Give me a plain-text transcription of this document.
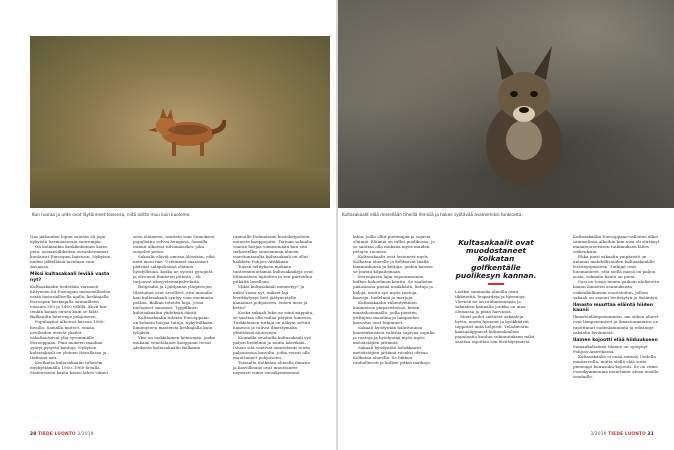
Kun ruoraa ja urde ovat läytänneet toisensa, niitä aistto muu kuin kuoleme.	Kultasakaalit elää mielellään tiheillä ihmisiä ja hakee syötävää asamerkiksi tunkioista.

Ons jäikauden lopun suuista oli jopa nykyistä harmaasuosia suurempia.

Oli kolmankin keskikokoinen koirapeto: aasianvilliksitan euvaaheemmat kuulaivat Euroopan lajistoon. Nykyisin niiden jälkeläisiä tavataan vain Aasiassa.

Miksi kultasakaali leviää vasta nyt?

Kultasakaalin tiedetään varmasti liittyneen itä-Euroopan maisemillaolen vasta historiallisella ajalla, keskiajalla Euroopan keskiajalla suunnilleen vuosien 300 ja 1400 välillä. Kesti kuitenkin kauan ennen kuin se lähti Balkanilta laterenya pohjoiseen.

Populaatiot alkoivat kasvaa 1960-luvulla. Samalla mutect, ennaa nevileiden etsivät yksilöt uskaltautuivat yhä syvemmälle Eurooppaan. Pian moneen maahan syntyi pysyviä kantoja. Nykyisin kultasakaali on yleinen Itävallassa ja Italiassa asti.

Kestkatta kultasakaalin tuhotöm myrkyttämällä 1950–1960-luvulla. Manteeseen kanta hävisi lähes viimei

seen eläimeen, saarista vain Samoksen populaatio selvisi hengissä. Saasilla toinnit alkoivat tulvanaiseksi, joka suojelee petoa.

Sakaalit elävät omissa ölössään, eikä niitä mooi nae. Useimmat saaeiaiset pääväät salapelisissä eläimiä hyödyllisinä, koska ne syövät jyrsijöitä ja elvouvat ihmisten jätteitä – eli tarjoavat ekosysteemipalveluita.

Belgradin ja Ljubljanan yliopistojen tilastoitaa ovat arvelleet, että muualla kun kultasakaali syntyy vain enemmän pelkoa. Balkan toteutti kuja, jossa biologiset sanomat: Tyypillinen kulutsakaaliin yhdeksän ääntä.

Kultasakaalin tulonta Eurooppaan on kokeitu hurjaa tutuja, nykyttälkään liimenyteen masteista keskiajalla kuin tyhjästä.

Yksi on tarkkilainen kentomaa, jonka mukaan venetalaiset kauppiaat toivat Afrikasta kultasakaalin Balkanin

rannoille Dalmatiaan kostokeipoleenmitaista kauppojoita. Tarinan sakaalin vaaraa hurjaa viimeisinään kun sitä tarkastellee suuremman alueen suurituntasolta kultasakaali on ollut kaikkien Pohjois-Afrikkaan.

Toisen selityksen mukaan tunteenmuuttamia kultasakaaleja ovat liitännäisen lajitolten ja sen piirteiden pitkältä lavallaan.

Miksi kultasakaali menestyy? Ja miksi vasta nyt, mikset laji levittäytynyt heti jäätyneytylle kanannat pohjoiseen, ennen meis ja kettu?

Koska sakaali luku on siinä näppäin, se saattaa olla vailaa pärjätä lumessa. Turkkilainen tutkija on näkyni selvää lumessa ja tulivat ilmestymään yksittäisiä alueeseen.

Kuumilla seuduilla kultasakaali syö paljon hedelmiä ja muita kasviksia. Istuaa sitä vaativat sinnettävät toista paljontaisia kasvilta, jotka voivat olla muuttuneet pohjoiseen.

Toisaalta Kolkatan alueella ilmasto ja kasvillisuus ovat muuttuneet nopeasti viime vuosikymmeninä.

lahia, joilla ollut pienempiä ja sopivia eläimiä. Eläimiä on tullut puolikossa, ja se saattaa olla mukana myös muiden petojen ruoassa.

Kultasakaalit ovat levinneet myös Kolkatan alueelle ja kohtaavat täällä lammaskoiria ja kettuja, joiden kanssa se joutuu kilpailemaan.

Euroopassa lajin sopeutuminen kulkee kokoelman kautta. Se saalistaa pääasiassa pieniä nisäkkäitä, lintuja ja kaloja, mutta syö myös raatoja, kasveja, hedelmiä ja marjoja.

Kultasakaalin vähentyminen kuumeissa ympäristöissä, kuten maatalousmailla, joilla pienten yrittäjien maailma ja lampaiden kasvatus ovat hiipuneet.

Sakaali hyödyntää haluttuunsa koirasukuisista valittua sopivaa sopulia ja raatoja ja hyödyntää myös myös metsästäjien jättämiä.

Sakaali hyödyntää halukkaasti metsästäjien jättämä ruoaksi olevaa Kolkatan alueella. Se liikkuu rauhallisesti ja kulkee pitkiä matkoja.

Kultasakaalit ovat muodostaneet Kolkatan golfkentälle puolikesyn kannan.

Lisäksi sammalia alueilla asuu tikkereitä, leopardeja ja hyeenoja. Yleensä ne on rauhanomaisia ja sakaalien kannalta joukko on aina olemassa ja pitää harvassa.

Muut pedot siirtävät sakaaleja hyvin, mutta hyeenat ja hyökkäävät tappavat niitä helposti. Veladavarin kaasualippuiset kultasakaalien populaatio kuuluu sukuuutuksen mikä saattaa rajoittaa sen levittäytymistä.

Kultasakaalin Eurooppaan-valloitus alkoi sammalinsa alkoihin kun uusi oli siirtänyt maanteoreettisen tutkimuksen lähes vaikeuksiin.

Ehkä juuri sakaalin ympäristö on antanut mahdollisuuden kultasakaalille levittäytymiseen. Tutkijat ovat huomanneet, että siellä missä on paljon susia, sakaalin kanta on pieni.

Susi on toisin monin paikoin ahdistettu kauan ihmisten asumuksista vaikeakulkuisiin vuoristoihin, jolloin sakaali on saanut levittäytyä ja lisääntyä.

Ilmasto muuttaa eläintä hiiden kaunii

Ilmastonlämpeneminen, am siihen alueet ovat lämpenemiset ja ilmastonmuutos on rajoittanut sudenlämmintä ja edistänyt sakaalin leviämistä.

Ilainen kojootti elää hiiduukseen

Samankaltainen tilanne on syntynyt Pohjois-Amerikassa.

Kultasakaalia ei enää esiinny Uudella mantereella, mutta siellä elää sutta pienempi koirasuku kojootti. Se on viime vuosikymmeninä muuttanut alvan uusille seuduille.

28 TIEDE LUONTO 3/2019	3/2019 TIEDE LUONTO 31
